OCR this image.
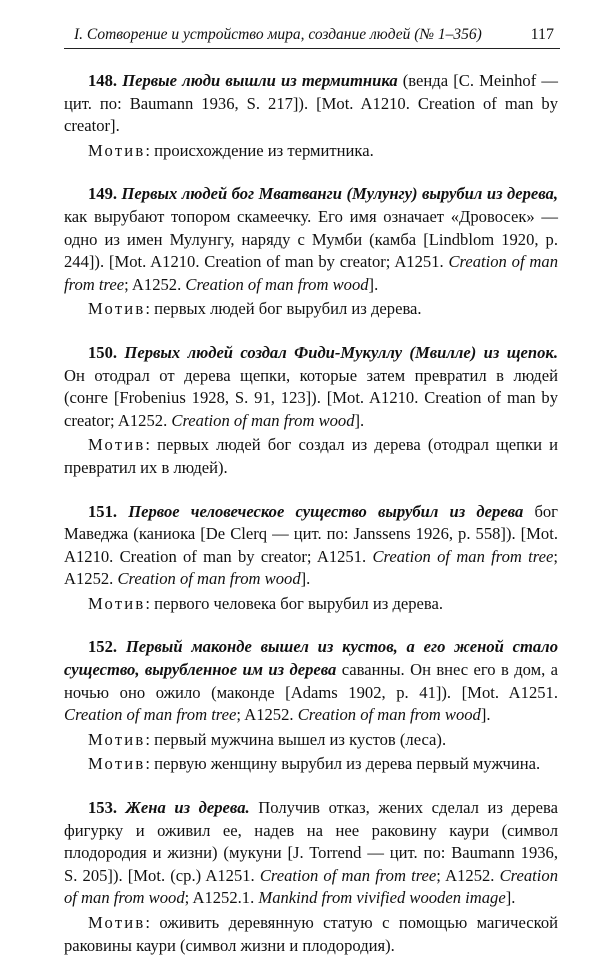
I. Сотворение и устройство мира, создание людей (№ 1–356)	117

148. Первые люди вышли из термитника (венда [C. Meinhof — цит. по: Baumann 1936, S. 217]). [Mot. A1210. Creation of man by creator].

Мотив: происхождение из термитника.

149. Первых людей бог Мватванги (Мулунгу) вырубил из дерева, как вырубают топором скамеечку. Его имя означает «Дровосек» — одно из имен Мулунгу, наряду с Мумби (камба [Lindblom 1920, p. 244]). [Mot. A1210. Creation of man by creator; A1251. Creation of man from tree; A1252. Creation of man from wood].

Мотив: первых людей бог вырубил из дерева.

150. Первых людей создал Фиди-Мукуллу (Мвилле) из щепок. Он отодрал от дерева щепки, которые затем превратил в людей (сонге [Frobenius 1928, S. 91, 123]). [Mot. A1210. Creation of man by creator; A1252. Creation of man from wood].

Мотив: первых людей бог создал из дерева (отодрал щепки и превратил их в людей).

151. Первое человеческое существо вырубил из дерева бог Маведжа (каниока [De Clerq — цит. по: Janssens 1926, p. 558]). [Mot. A1210. Creation of man by creator; A1251. Creation of man from tree; A1252. Creation of man from wood].

Мотив: первого человека бог вырубил из дерева.

152. Первый маконде вышел из кустов, а его женой стало существо, вырубленное им из дерева саванны. Он внес его в дом, а ночью оно ожило (маконде [Adams 1902, p. 41]). [Mot. A1251. Creation of man from tree; A1252. Creation of man from wood].

Мотив: первый мужчина вышел из кустов (леса).

Мотив: первую женщину вырубил из дерева первый мужчина.

153. Жена из дерева. Получив отказ, жених сделал из дерева фигурку и оживил ее, надев на нее раковину каури (символ плодородия и жизни) (мукуни [J. Torrend — цит. по: Baumann 1936, S. 205]). [Mot. (ср.) A1251. Creation of man from tree; A1252. Creation of man from wood; A1252.1. Mankind from vivified wooden image].

Мотив: оживить деревянную статую с помощью магической раковины каури (символ жизни и плодородия).
